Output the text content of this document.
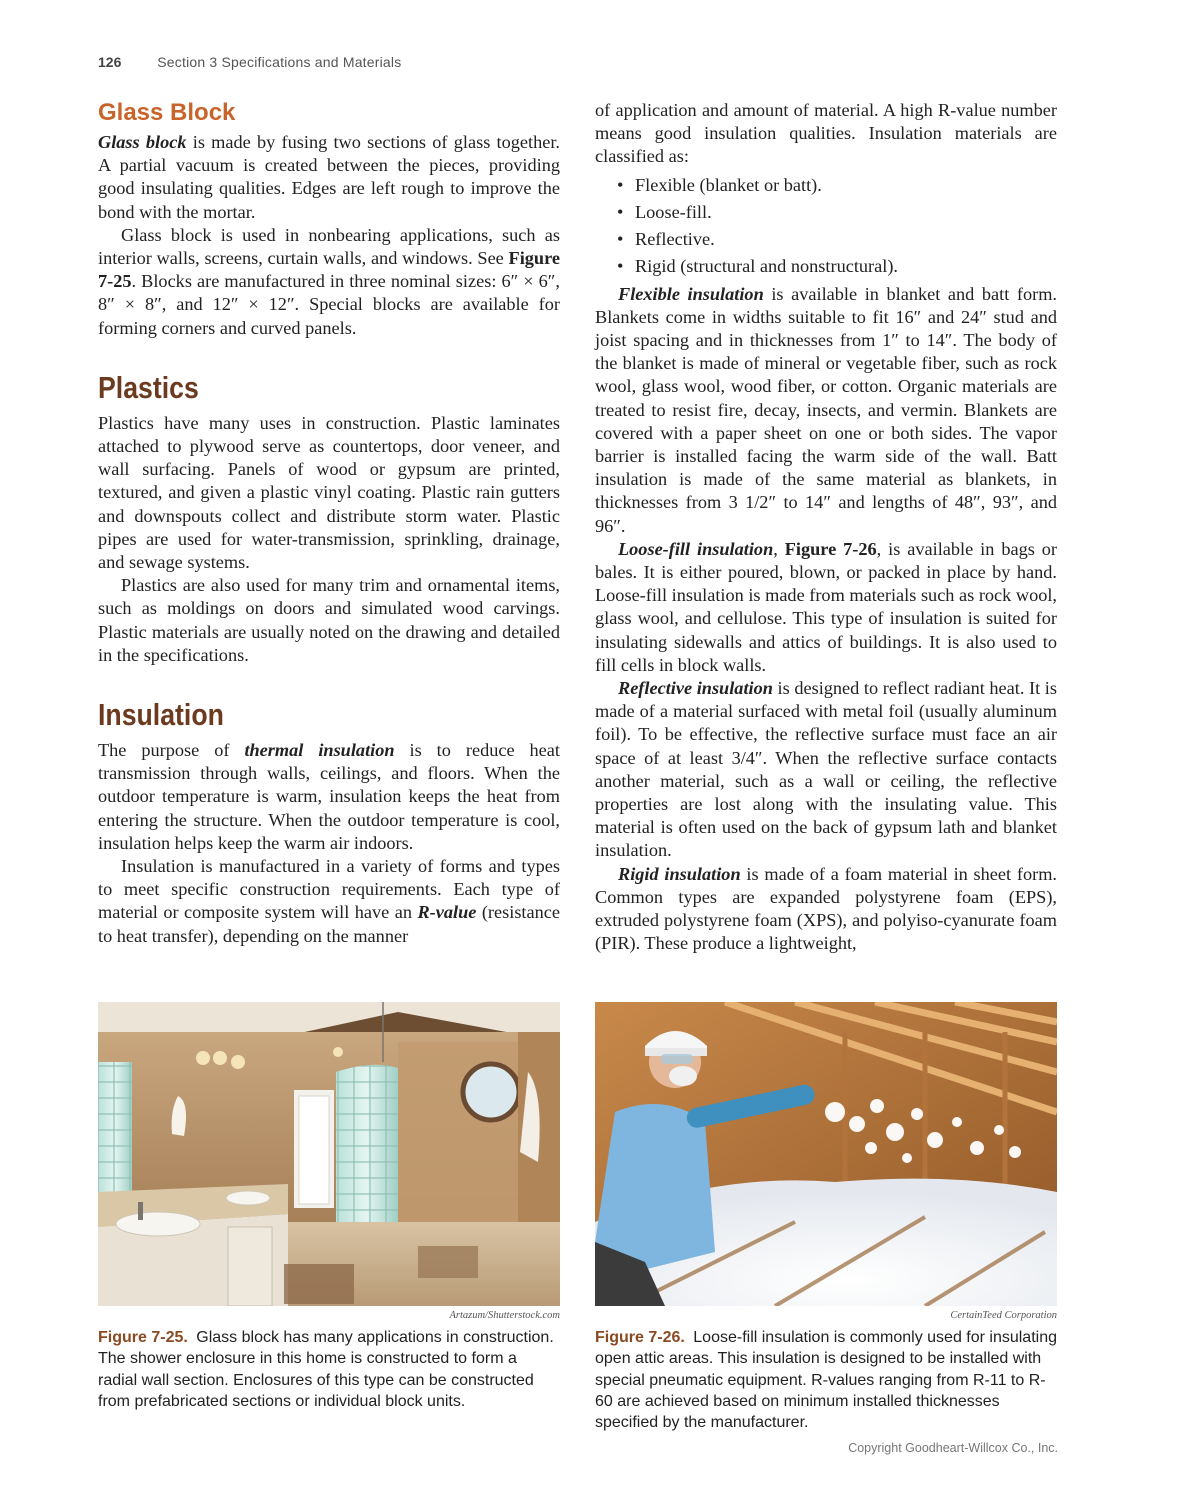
126	Section 3 Specifications and Materials
Glass Block

Glass block is made by fusing two sections of glass together. A partial vacuum is created between the pieces, providing good insulating qualities. Edges are left rough to improve the bond with the mortar.

Glass block is used in nonbearing applications, such as interior walls, screens, curtain walls, and windows. See Figure 7-25. Blocks are manufactured in three nominal sizes: 6″ × 6″, 8″ × 8″, and 12″ × 12″. Special blocks are available for forming corners and curved panels.

Plastics

Plastics have many uses in construction. Plastic laminates attached to plywood serve as countertops, door veneer, and wall surfacing. Panels of wood or gypsum are printed, textured, and given a plastic vinyl coating. Plastic rain gutters and downspouts collect and distribute storm water. Plastic pipes are used for water-transmission, sprinkling, drainage, and sewage systems.

Plastics are also used for many trim and ornamental items, such as moldings on doors and simulated wood carvings. Plastic materials are usually noted on the drawing and detailed in the specifications.

Insulation

The purpose of thermal insulation is to reduce heat transmission through walls, ceilings, and floors. When the outdoor temperature is warm, insulation keeps the heat from entering the structure. When the outdoor temperature is cool, insulation helps keep the warm air indoors.

Insulation is manufactured in a variety of forms and types to meet specific construction requirements. Each type of material or composite system will have an R-value (resistance to heat transfer), depending on the manner

of application and amount of material. A high R-value number means good insulation qualities. Insulation materials are classified as:

• Flexible (blanket or batt).
• Loose-fill.
• Reflective.
• Rigid (structural and nonstructural).

Flexible insulation is available in blanket and batt form. Blankets come in widths suitable to fit 16″ and 24″ stud and joist spacing and in thicknesses from 1″ to 14″. The body of the blanket is made of mineral or vegetable fiber, such as rock wool, glass wool, wood fiber, or cotton. Organic materials are treated to resist fire, decay, insects, and vermin. Blankets are covered with a paper sheet on one or both sides. The vapor barrier is installed facing the warm side of the wall. Batt insulation is made of the same material as blankets, in thicknesses from 3 1/2″ to 14″ and lengths of 48″, 93″, and 96″.

Loose-fill insulation, Figure 7-26, is available in bags or bales. It is either poured, blown, or packed in place by hand. Loose-fill insulation is made from materials such as rock wool, glass wool, and cellulose. This type of insulation is suited for insulating sidewalls and attics of buildings. It is also used to fill cells in block walls.

Reflective insulation is designed to reflect radiant heat. It is made of a material surfaced with metal foil (usually aluminum foil). To be effective, the reflective surface must face an air space of at least 3/4″. When the reflective surface contacts another material, such as a wall or ceiling, the reflective properties are lost along with the insulating value. This material is often used on the back of gypsum lath and blanket insulation.

Rigid insulation is made of a foam material in sheet form. Common types are expanded polystyrene foam (EPS), extruded polystyrene foam (XPS), and polyiso-cyanurate foam (PIR). These produce a lightweight,

Artazum/Shutterstock.com
Figure 7-25. Glass block has many applications in construction. The shower enclosure in this home is constructed to form a radial wall section. Enclosures of this type can be constructed from prefabricated sections or individual block units.
CertainTeed Corporation
Figure 7-26. Loose-fill insulation is commonly used for insulating open attic areas. This insulation is designed to be installed with special pneumatic equipment. R-values ranging from R-11 to R-60 are achieved based on minimum installed thicknesses specified by the manufacturer.
Copyright Goodheart-Willcox Co., Inc.
